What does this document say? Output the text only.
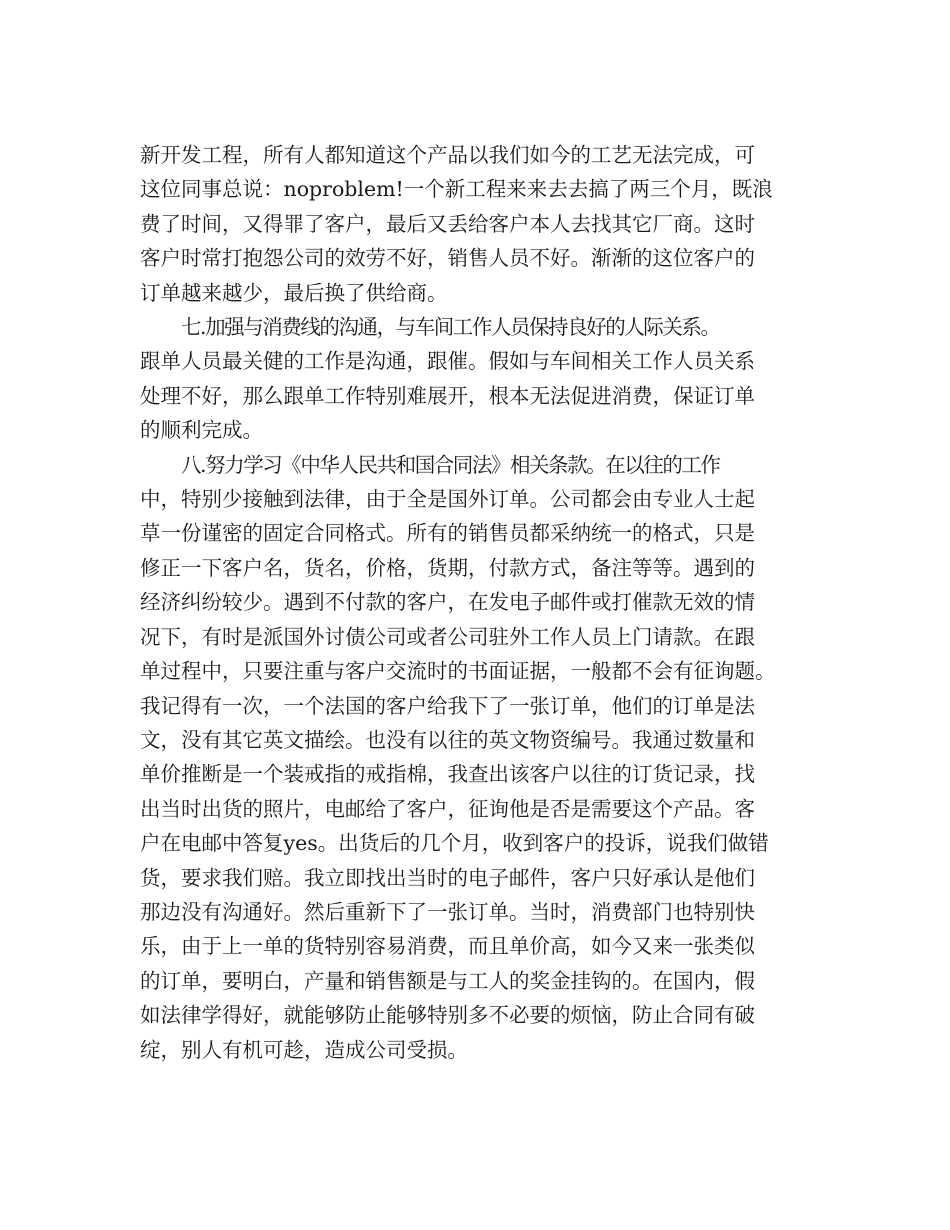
新开发工程，所有人都知道这个产品以我们如今的工艺无法完成，可
这位同事总说：noproblem!一个新工程来来去去搞了两三个月，既浪
费了时间，又得罪了客户，最后又丢给客户本人去找其它厂商。这时
客户时常打抱怨公司的效劳不好，销售人员不好。渐渐的这位客户的
订单越来越少，最后换了供给商。

七.加强与消费线的沟通，与车间工作人员保持良好的人际关系。
跟单人员最关健的工作是沟通，跟催。假如与车间相关工作人员关系
处理不好，那么跟单工作特别难展开，根本无法促进消费，保证订单
的顺利完成。

八.努力学习《中华人民共和国合同法》相关条款。在以往的工作
中，特别少接触到法律，由于全是国外订单。公司都会由专业人士起
草一份谨密的固定合同格式。所有的销售员都采纳统一的格式，只是
修正一下客户名，货名，价格，货期，付款方式，备注等等。遇到的
经济纠纷较少。遇到不付款的客户，在发电子邮件或打催款无效的情
况下，有时是派国外讨债公司或者公司驻外工作人员上门请款。在跟
单过程中，只要注重与客户交流时的书面证据，一般都不会有征询题。
我记得有一次，一个法国的客户给我下了一张订单，他们的订单是法
文，没有其它英文描绘。也没有以往的英文物资编号。我通过数量和
单价推断是一个装戒指的戒指棉，我查出该客户以往的订货记录，找
出当时出货的照片，电邮给了客户，征询他是否是需要这个产品。客
户在电邮中答复yes。出货后的几个月，收到客户的投诉，说我们做错
货，要求我们赔。我立即找出当时的电子邮件，客户只好承认是他们
那边没有沟通好。然后重新下了一张订单。当时，消费部门也特别快
乐，由于上一单的货特别容易消费，而且单价高，如今又来一张类似
的订单，要明白，产量和销售额是与工人的奖金挂钩的。在国内，假
如法律学得好，就能够防止能够特别多不必要的烦恼，防止合同有破
绽，别人有机可趁，造成公司受损。
